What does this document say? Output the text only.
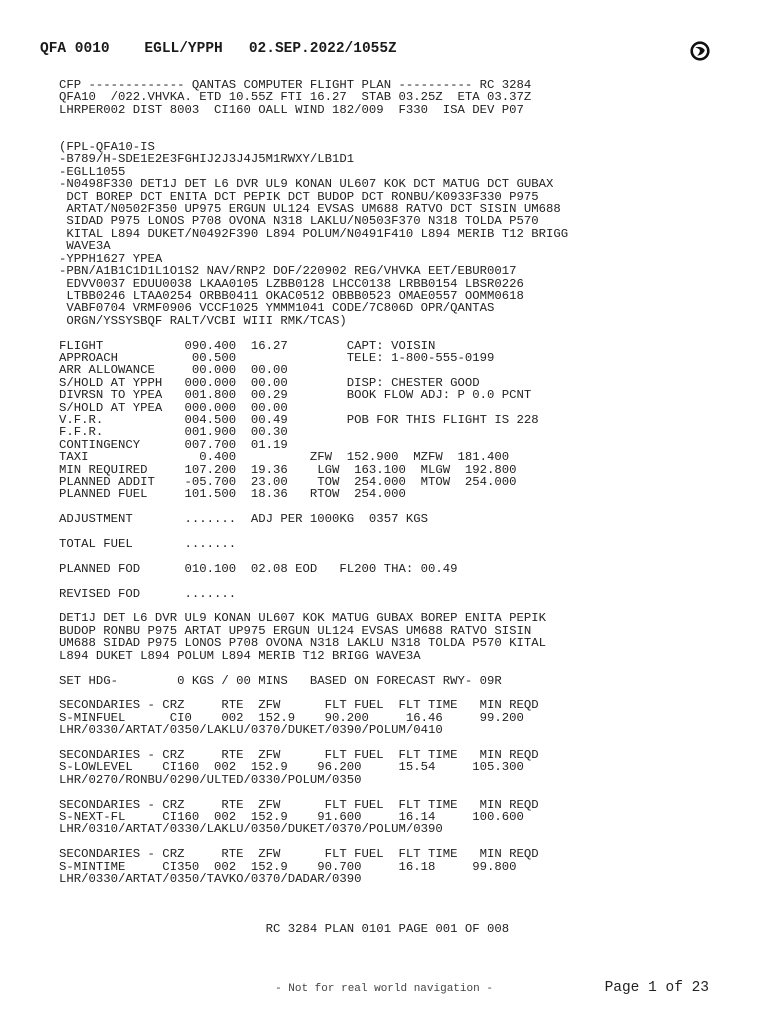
QFA 0010    EGLL/YPPH   02.SEP.2022/1055Z
CFP ------------- QANTAS COMPUTER FLIGHT PLAN ---------- RC 3284
QFA10  /022.VHVKA. ETD 10.55Z FTI 16.27  STAB 03.25Z  ETA 03.37Z
LHRPER002 DIST 8003  CI160 OALL WIND 182/009  F330  ISA DEV P07

(FPL-QFA10-IS
-B789/H-SDE1E2E3FGHIJ2J3J4J5M1RWXY/LB1D1
-EGLL1055
-N0498F330 DET1J DET L6 DVR UL9 KONAN UL607 KOK DCT MATUG DCT GUBAX
DCT BOREP DCT ENITA DCT PEPIK DCT BUDOP DCT RONBU/K0933F330 P975
ARTAT/N0502F350 UP975 ERGUN UL124 EVSAS UM688 RATVO DCT SISIN UM688
SIDAD P975 LONOS P708 OVONA N318 LAKLU/N0503F370 N318 TOLDA P570
KITAL L894 DUKET/N0492F390 L894 POLUM/N0491F410 L894 MERIB T12 BRIGG
WAVE3A
-YPPH1627 YPEA
-PBN/A1B1C1D1L1O1S2 NAV/RNP2 DOF/220902 REG/VHVKA EET/EBUR0017
EDVV0037 EDUU0038 LKAA0105 LZBB0128 LHCC0138 LRBB0154 LBSR0226
LTBB0246 LTAA0254 ORBB0411 OKAC0512 OBBB0523 OMAE0557 OOMM0618
VABF0704 VRMF0906 VCCF1025 YMMM1041 CODE/7C806D OPR/QANTAS
ORGN/YSSYSBQF RALT/VCBI WIII RMK/TCAS)

FLIGHT           090.400  16.27        CAPT: VOISIN
APPROACH          00.500               TELE: 1-800-555-0199
ARR ALLOWANCE     00.000  00.00
S/HOLD AT YPPH   000.000  00.00        DISP: CHESTER GOOD
DIVRSN TO YPEA   001.800  00.29        BOOK FLOW ADJ: P 0.0 PCNT
S/HOLD AT YPEA   000.000  00.00
V.F.R.           004.500  00.49        POB FOR THIS FLIGHT IS 228
F.F.R.           001.900  00.30
CONTINGENCY      007.700  01.19
TAXI               0.400          ZFW  152.900  MZFW  181.400
MIN REQUIRED     107.200  19.36    LGW  163.100  MLGW  192.800
PLANNED ADDIT    -05.700  23.00    TOW  254.000  MTOW  254.000
PLANNED FUEL     101.500  18.36   RTOW  254.000

ADJUSTMENT       .......  ADJ PER 1000KG  0357 KGS

TOTAL FUEL       .......

PLANNED FOD      010.100  02.08 EOD   FL200 THA: 00.49

REVISED FOD      .......

DET1J DET L6 DVR UL9 KONAN UL607 KOK MATUG GUBAX BOREP ENITA PEPIK
BUDOP RONBU P975 ARTAT UP975 ERGUN UL124 EVSAS UM688 RATVO SISIN
UM688 SIDAD P975 LONOS P708 OVONA N318 LAKLU N318 TOLDA P570 KITAL
L894 DUKET L894 POLUM L894 MERIB T12 BRIGG WAVE3A

SET HDG-        0 KGS / 00 MINS   BASED ON FORECAST RWY- 09R

SECONDARIES - CRZ     RTE  ZFW      FLT FUEL  FLT TIME   MIN REQD
S-MINFUEL      CI0    002  152.9    90.200     16.46     99.200
LHR/0330/ARTAT/0350/LAKLU/0370/DUKET/0390/POLUM/0410

SECONDARIES - CRZ     RTE  ZFW      FLT FUEL  FLT TIME   MIN REQD
S-LOWLEVEL    CI160  002  152.9    96.200     15.54     105.300
LHR/0270/RONBU/0290/ULTED/0330/POLUM/0350

SECONDARIES - CRZ     RTE  ZFW      FLT FUEL  FLT TIME   MIN REQD
S-NEXT-FL     CI160  002  152.9    91.600     16.14     100.600
LHR/0310/ARTAT/0330/LAKLU/0350/DUKET/0370/POLUM/0390

SECONDARIES - CRZ     RTE  ZFW      FLT FUEL  FLT TIME   MIN REQD
S-MINTIME     CI350  002  152.9    90.700     16.18     99.800
LHR/0330/ARTAT/0350/TAVKO/0370/DADAR/0390

RC 3284 PLAN 0101 PAGE 001 OF 008
- Not for real world navigation -	Page 1 of 23
